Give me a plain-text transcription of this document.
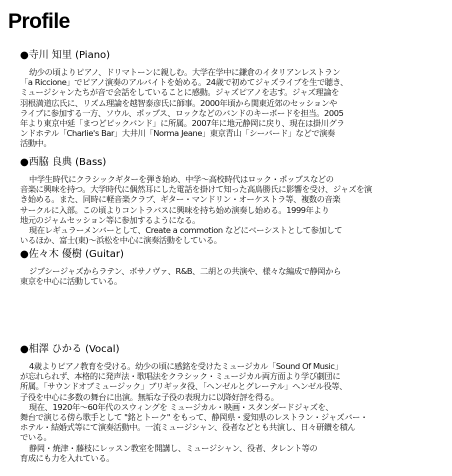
Profile
●寺川 知里 (Piano)

幼少の頃よりピアノ、ドリマトーンに親しむ。大学在学中に鎌倉のイタリアンレストラン

「a Riccione」でピアノ演奏のアルバイトを始める。24歳で初めてジャズライブを生で聴き、

ミュージシャンたちが音で会話をしていることに感動。ジャズピアノを志す。ジャズ理論を

羽根満道広氏に、リズム理論を越智泰彦氏に師事。2000年頃から関東近郊のセッションや

ライブに参加する一方、ソウル、ポップス、ロックなどのバンドのキーボードを担当。2005

年より東京中延「まつどピックバンド」に所属。2007年に地元静岡に戻り、現在は掛川グラ

ンドホテル「Charlie's Bar」大井川「Norma Jeane」東京青山「シーバード」などで演奏

活動中。

●西脇 良典 (Bass)

中学生時代にクラシックギターを弾き始め、中学～高校時代はロック・ポップスなどの

音楽に興味を持つ。大学時代に偶然耳にした電話を掛けて知った高鳥勝氏に影響を受け、ジャズを演

き始める。また、同時に軽音楽クラブ、ギター・マンドリン・オーケストラ等、複数の音楽

サークルに入部。この頃よりコントラバスに興味を持ち始め演奏し始める。1999年より

地元のジャムセッション等に参加するようになる。

現在レギュラーメンバーとして、Create a commotion などにベーシストとして参加して

いるほか、富士(東)～浜松を中心に演奏活動をしている。

●佐々木 優樹 (Guitar)

ジプシージャズからラテン、ボサノヴァ、R&B、二胡との共演や、様々な編成で静岡から

東京を中心に活動している。

●相澤 ひかる (Vocal)

4歳よりピアノ教育を受ける。幼少の頃に感銘を受けたミュージカル「Sound Of Music」

が忘れられず、本格的に発声法・歌唱法をクラシック・ミュージカル両方面より学び劇団に

所属。「サウンドオブミュージック」ブリギッタ役、「ヘンゼルとグレーテル」ヘンゼル役等、

子役を中心に多数の舞台に出演。無垢な子役の表現力に以降好評を得る。

現在、1920年～60年代のスウィングを ミュージカル・映画・スタンダードジャズを、

舞台で演じる傍ら歌手として "銘とトーク" をもって、静岡県・愛知県のレストラン・ジャズバー・

ホテル・結婚式等にて演奏活動中。一流ミュージシャン、役者などとも共演し、日々研鑽を積ん

でいる。

静岡・焼津・藤枝にレッスン教室を開講し、ミュージシャン、役者、タレント等の

育成にも力を入れている。
